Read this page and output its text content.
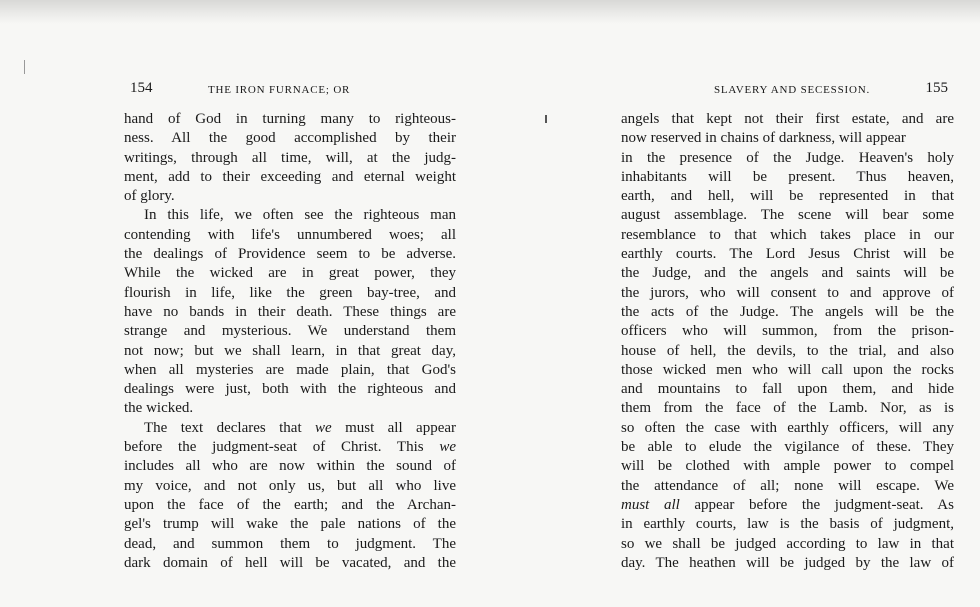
154	THE IRON FURNACE; OR
hand of God in turning many to righteous-
ness. All the good accomplished by their
writings, through all time, will, at the judg-
ment, add to their exceeding and eternal weight
of glory.
In this life, we often see the righteous man
contending with life's unnumbered woes; all
the dealings of Providence seem to be adverse.
While the wicked are in great power, they
flourish in life, like the green bay-tree, and
have no bands in their death. These things are
strange and mysterious. We understand them
not now; but we shall learn, in that great day,
when all mysteries are made plain, that God's
dealings were just, both with the righteous and
the wicked.
The text declares that we must all appear
before the judgment-seat of Christ. This we
includes all who are now within the sound of
my voice, and not only us, but all who live
upon the face of the earth; and the Archan-
gel's trump will wake the pale nations of the
dead, and summon them to judgment. The
dark domain of hell will be vacated, and the
SLAVERY AND SECESSION.	155
angels that kept not their first estate, and are
now reserved in chains of darkness, will appear
in the presence of the Judge. Heaven's holy
inhabitants will be present. Thus heaven,
earth, and hell, will be represented in that
august assemblage. The scene will bear some
resemblance to that which takes place in our
earthly courts. The Lord Jesus Christ will be
the Judge, and the angels and saints will be
the jurors, who will consent to and approve of
the acts of the Judge. The angels will be the
officers who will summon, from the prison-
house of hell, the devils, to the trial, and also
those wicked men who will call upon the rocks
and mountains to fall upon them, and hide
them from the face of the Lamb. Nor, as is
so often the case with earthly officers, will any
be able to elude the vigilance of these. They
will be clothed with ample power to compel
the attendance of all; none will escape. We
must all appear before the judgment-seat. As
in earthly courts, law is the basis of judgment,
so we shall be judged according to law in that
day. The heathen will be judged by the law of
